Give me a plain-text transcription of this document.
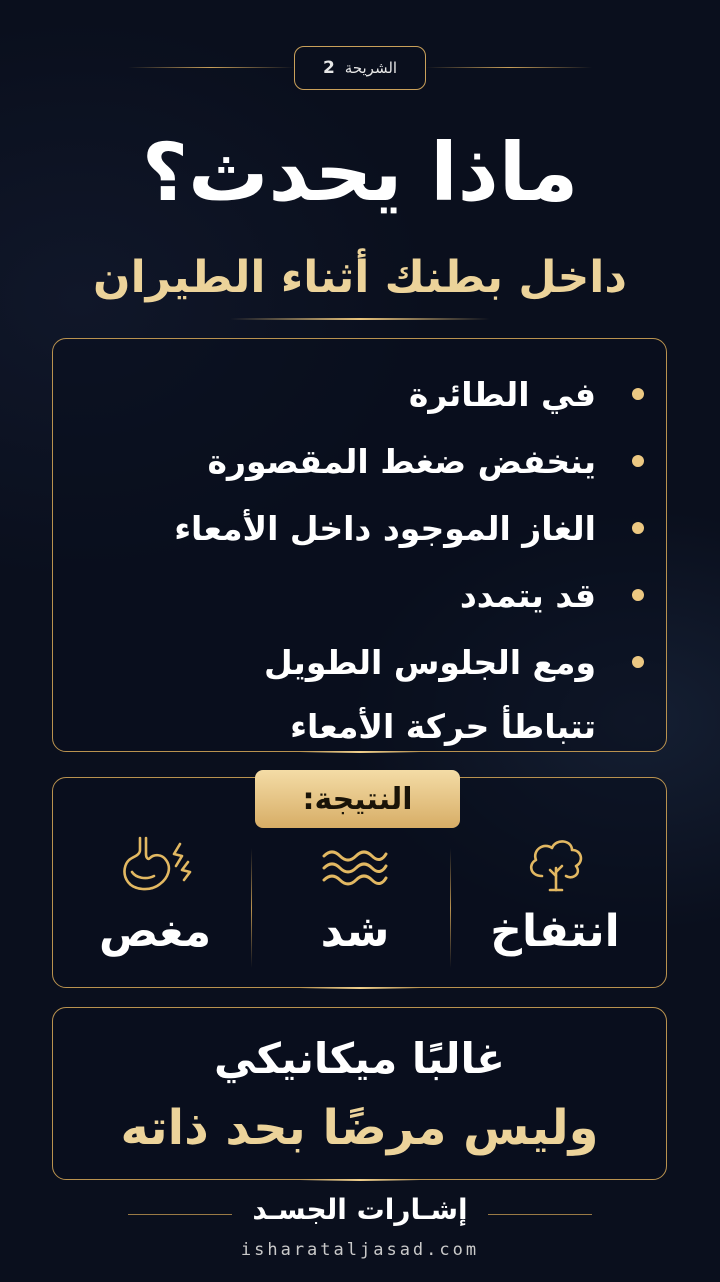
الشريحة
2
ماذا يحدث؟
داخل بطنك أثناء الطيران
في الطائرة
ينخفض ضغط المقصورة
الغاز الموجود داخل الأمعاء
قد يتمدد
ومع الجلوس الطويل
تتباطأ حركة الأمعاء
النتيجة:
انتفاخ
شد
مغص
غالبًا ميكانيكي
وليس مرضًا بحد ذاته
إشـارات الجسـد
isharataljasad.com
